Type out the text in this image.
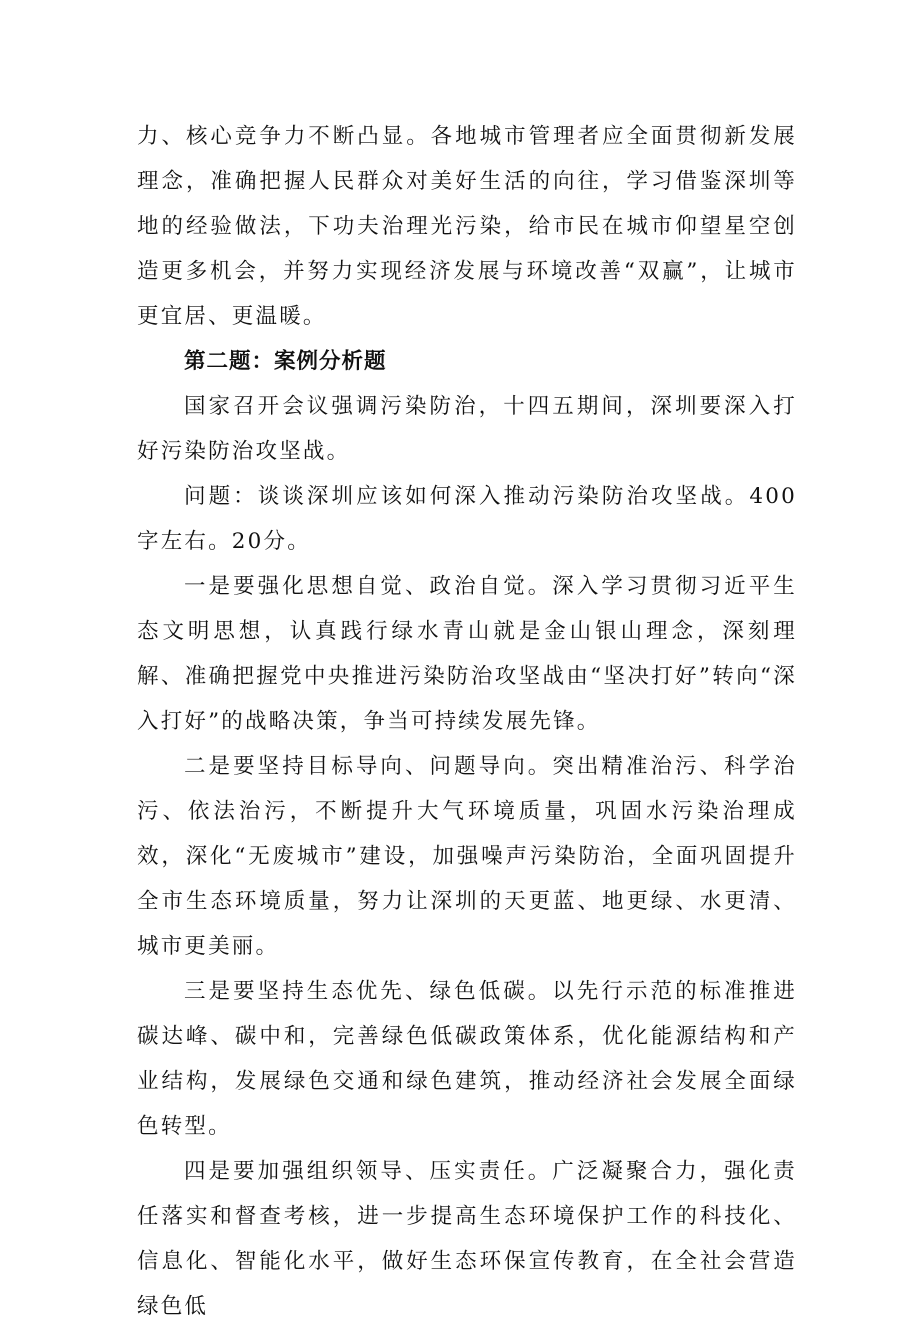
力、核心竞争力不断凸显。各地城市管理者应全面贯彻新发展理念，准确把握人民群众对美好生活的向往，学习借鉴深圳等地的经验做法，下功夫治理光污染，给市民在城市仰望星空创造更多机会，并努力实现经济发展与环境改善“双赢”，让城市更宜居、更温暖。

第二题：案例分析题

国家召开会议强调污染防治，十四五期间，深圳要深入打好污染防治攻坚战。

问题：谈谈深圳应该如何深入推动污染防治攻坚战。400字左右。20分。

一是要强化思想自觉、政治自觉。深入学习贯彻习近平生态文明思想，认真践行绿水青山就是金山银山理念，深刻理解、准确把握党中央推进污染防治攻坚战由“坚决打好”转向“深入打好”的战略决策，争当可持续发展先锋。

二是要坚持目标导向、问题导向。突出精准治污、科学治污、依法治污，不断提升大气环境质量，巩固水污染治理成效，深化“无废城市”建设，加强噪声污染防治，全面巩固提升全市生态环境质量，努力让深圳的天更蓝、地更绿、水更清、城市更美丽。

三是要坚持生态优先、绿色低碳。以先行示范的标准推进碳达峰、碳中和，完善绿色低碳政策体系，优化能源结构和产业结构，发展绿色交通和绿色建筑，推动经济社会发展全面绿色转型。

四是要加强组织领导、压实责任。广泛凝聚合力，强化责任落实和督查考核，进一步提高生态环境保护工作的科技化、信息化、智能化水平，做好生态环保宣传教育，在全社会营造绿色低
